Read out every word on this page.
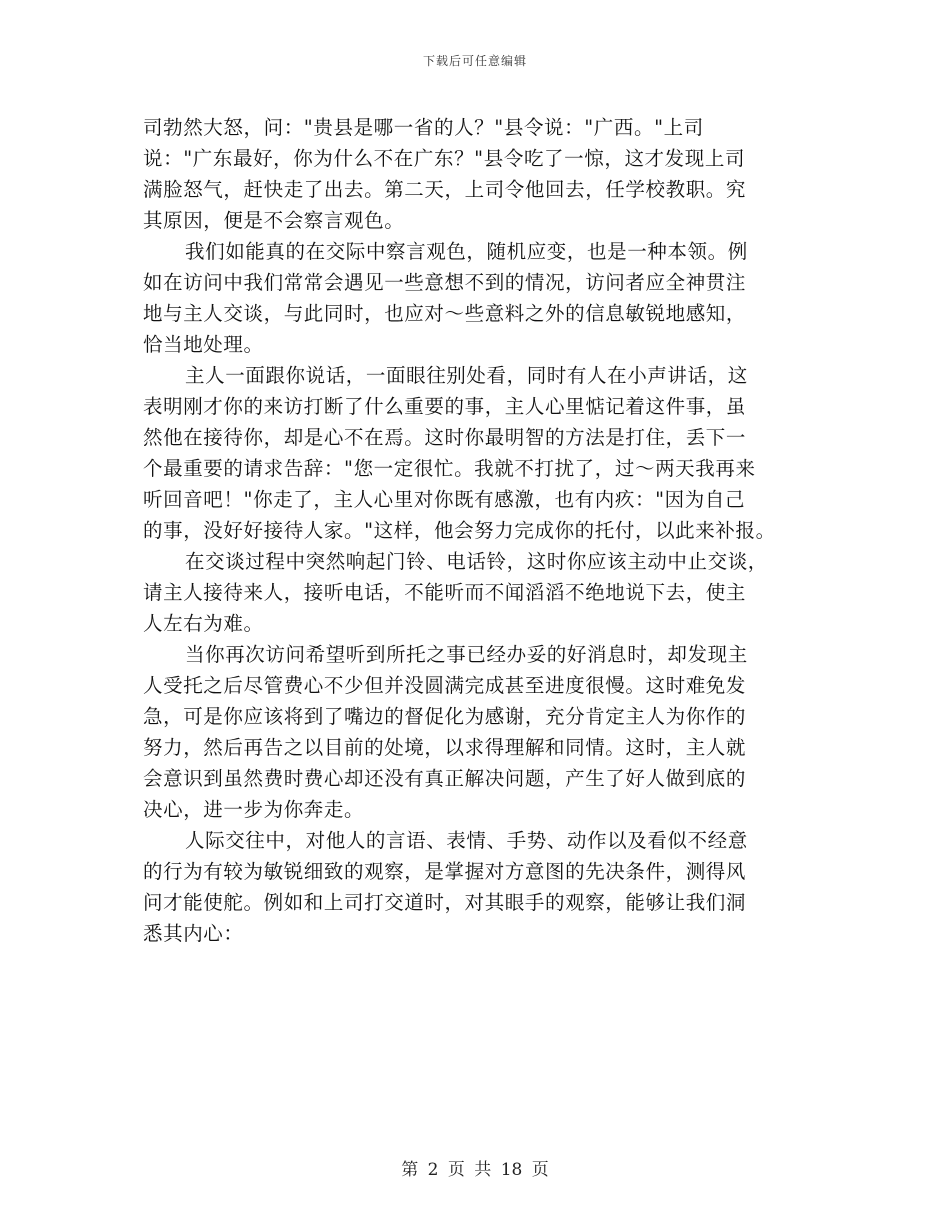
下载后可任意编辑
司勃然大怒，问："贵县是哪一省的人？"县令说："广西。"上司
说："广东最好，你为什么不在广东？"县令吃了一惊，这才发现上司
满脸怒气，赶快走了出去。第二天，上司令他回去，任学校教职。究
其原因，便是不会察言观色。
我们如能真的在交际中察言观色，随机应变，也是一种本领。例
如在访问中我们常常会遇见一些意想不到的情况，访问者应全神贯注
地与主人交谈，与此同时，也应对〜些意料之外的信息敏锐地感知，
恰当地处理。
主人一面跟你说话，一面眼往别处看，同时有人在小声讲话，这
表明刚才你的来访打断了什么重要的事，主人心里惦记着这件事，虽
然他在接待你，却是心不在焉。这时你最明智的方法是打住，丢下一
个最重要的请求告辞："您一定很忙。我就不打扰了，过〜两天我再来
听回音吧！"你走了，主人心里对你既有感激，也有内疚："因为自己
的事，没好好接待人家。"这样，他会努力完成你的托付，以此来补报。
在交谈过程中突然响起门铃、电话铃，这时你应该主动中止交谈，
请主人接待来人，接听电话，不能听而不闻滔滔不绝地说下去，使主
人左右为难。
当你再次访问希望听到所托之事已经办妥的好消息时，却发现主
人受托之后尽管费心不少但并没圆满完成甚至进度很慢。这时难免发
急，可是你应该将到了嘴边的督促化为感谢，充分肯定主人为你作的
努力，然后再告之以目前的处境，以求得理解和同情。这时，主人就
会意识到虽然费时费心却还没有真正解决问题，产生了好人做到底的
决心，进一步为你奔走。
人际交往中，对他人的言语、表情、手势、动作以及看似不经意
的行为有较为敏锐细致的观察，是掌握对方意图的先决条件，测得风
问才能使舵。例如和上司打交道时，对其眼手的观察，能够让我们洞
悉其内心：
第 2 页 共 18 页
